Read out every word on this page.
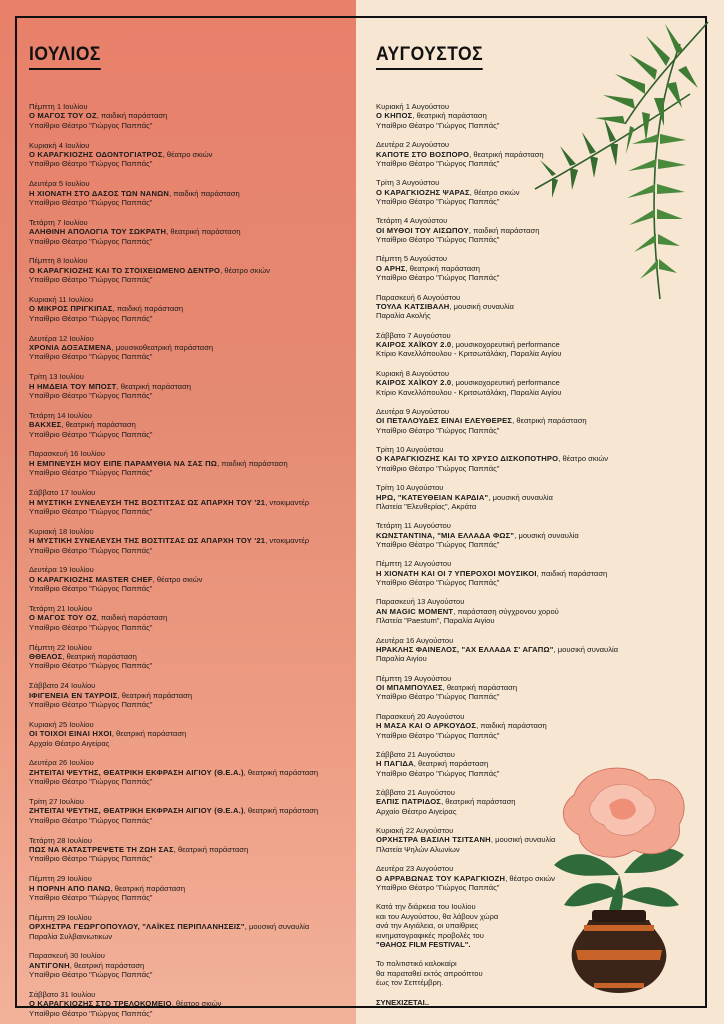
ΙΟΥΛΙΟΣ
Πέμπτη 1 Ιουλίου
Ο ΜΑΓΟΣ ΤΟΥ ΟΖ, παιδική παράσταση
Υπαίθριο Θέατρο "Γιώργος Παππάς"
Κυριακή 4 Ιουλίου
Ο ΚΑΡΑΓΚΙΟΖΗΣ ΟΔΟΝΤΟΓΙΑΤΡΟΣ, θέατρο σκιών
Υπαίθριο Θέατρο "Γιώργος Παππάς"
Δευτέρα 5 Ιουλίου
Η ΧΙΟΝΑΤΗ ΣΤΟ ΔΑΣΟΣ ΤΩΝ ΝΑΝΩΝ, παιδική παράσταση
Υπαίθριο Θέατρο "Γιώργος Παππάς"
Τετάρτη 7 Ιουλίου
ΑΛΗΘΙΝΗ ΑΠΟΛΟΓΙΑ ΤΟΥ ΣΩΚΡΑΤΗ, θεατρική παράσταση
Υπαίθριο Θέατρο "Γιώργος Παππάς"
Πέμπτη 8 Ιουλίου
Ο ΚΑΡΑΓΚΙΟΖΗΣ ΚΑΙ ΤΟ ΣΤΟΙΧΕΙΩΜΕΝΟ ΔΕΝΤΡΟ, θέατρο σκιών
Υπαίθριο Θέατρο "Γιώργος Παππάς"
Κυριακή 11 Ιουλίου
Ο ΜΙΚΡΟΣ ΠΡΙΓΚΙΠΑΣ, παιδική παράσταση
Υπαίθριο Θέατρο "Γιώργος Παππάς"
Δευτέρα 12 Ιουλίου
ΧΡΟΝΙΑ ΔΟΞΑΣΜΕΝΑ, μουσικοθεατρική παράσταση
Υπαίθριο Θέατρο "Γιώργος Παππάς"
Τρίτη 13 Ιουλίου
Η ΗΜΔΕΙΑ ΤΟΥ ΜΠΟΣΤ, θεατρική παράσταση
Υπαίθριο Θέατρο "Γιώργος Παππάς"
Τετάρτη 14 Ιουλίου
ΒΑΚΧΕΣ, θεατρική παράσταση
Υπαίθριο Θέατρο "Γιώργος Παππάς"
Παρασκευή 16 Ιουλίου
Η ΕΜΠΝΕΥΣΗ ΜΟΥ ΕΙΠΕ ΠΑΡΑΜΥΘΙΑ ΝΑ ΣΑΣ ΠΩ, παιδική παράσταση
Υπαίθριο Θέατρο "Γιώργος Παππάς"
Σάββατο 17 Ιουλίου
Η ΜΥΣΤΙΚΗ ΣΥΝΕΛΕΥΣΗ ΤΗΣ ΒΟΣΤΙΤΣΑΣ ΩΣ ΑΠΑΡΧΗ ΤΟΥ '21, ντοκιμαντέρ
Υπαίθριο Θέατρο "Γιώργος Παππάς"
Κυριακή 18 Ιουλίου
Η ΜΥΣΤΙΚΗ ΣΥΝΕΛΕΥΣΗ ΤΗΣ ΒΟΣΤΙΤΣΑΣ ΩΣ ΑΠΑΡΧΗ ΤΟΥ '21, ντοκιμαντέρ
Υπαίθριο Θέατρο "Γιώργος Παππάς"
Δευτέρα 19 Ιουλίου
Ο ΚΑΡΑΓΚΙΟΖΗΣ MASTER CHEF, θέατρο σκιών
Υπαίθριο Θέατρο "Γιώργος Παππάς"
Τετάρτη 21 Ιουλίου
Ο ΜΑΓΟΣ ΤΟΥ ΟΖ, παιδική παράσταση
Υπαίθριο Θέατρο "Γιώργος Παππάς"
Πέμπτη 22 Ιουλίου
ΘΘΕΛΟΣ, θεατρική παράσταση
Υπαίθριο Θέατρο "Γιώργος Παππάς"
Σάββατο 24 Ιουλίου
ΙΦΙΓΕΝΕΙΑ ΕΝ ΤΑΥΡΟΙΣ, θεατρική παράσταση
Υπαίθριο Θέατρο "Γιώργος Παππάς"
Κυριακή 25 Ιουλίου
ΟΙ ΤΟΙΧΟΙ ΕΙΝΑΙ ΗΧΟΙ, θεατρική παράσταση
Αρχαίο Θέατρο Αιγείρας
Δευτέρα 26 Ιουλίου
ΖΗΤΕΙΤΑΙ ΨΕΥΤΗΣ, ΘΕΑΤΡΙΚΗ ΕΚΦΡΑΣΗ ΑΙΓΙΟΥ (Θ.Ε.Α.), θεατρική παράσταση
Υπαίθριο Θέατρο "Γιώργος Παππάς"
Τρίτη 27 Ιουλίου
ΖΗΤΕΙΤΑΙ ΨΕΥΤΗΣ, ΘΕΑΤΡΙΚΗ ΕΚΦΡΑΣΗ ΑΙΓΙΟΥ (Θ.Ε.Α.), θεατρική παράσταση
Υπαίθριο Θέατρο "Γιώργος Παππάς"
Τετάρτη 28 Ιουλίου
ΠΩΣ ΝΑ ΚΑΤΑΣΤΡΕΨΕΤΕ ΤΗ ΖΩΗ ΣΑΣ, θεατρική παράσταση
Υπαίθριο Θέατρο "Γιώργος Παππάς"
Πέμπτη 29 Ιουλίου
Η ΠΟΡΝΗ ΑΠΟ ΠΑΝΩ, θεατρική παράσταση
Υπαίθριο Θέατρο "Γιώργος Παππάς"
Πέμπτη 29 Ιουλίου
ΟΡΧΗΣΤΡΑ ΓΕΩΡΓΟΠΟΥΛΟΥ, "ΛΑΪΚΕΣ ΠΕΡΙΠΛΑΝΗΣΕΙΣ", μουσική συναυλία
Παραλία Συλβαινιωτικων
Παρασκευή 30 Ιουλίου
ΑΝΤΙΓΟΝΗ, θεατρική παράσταση
Υπαίθριο Θέατρο "Γιώργος Παππάς"
Σάββατο 31 Ιουλίου
Ο ΚΑΡΑΓΚΙΟΖΗΣ ΣΤΟ ΤΡΕΛΟΚΟΜΕΙΟ, θέατρο σκιών
Υπαίθριο Θέατρο "Γιώργος Παππάς"
ΑΥΓΟΥΣΤΟΣ
Κυριακή 1 Αυγούστου
Ο ΚΗΠΟΣ, θεατρική παράσταση
Υπαίθριο Θέατρο "Γιώργος Παππάς"
Δευτέρα 2 Αυγούστου
ΚΑΠΟΤΕ ΣΤΟ ΒΟΣΠΟΡΟ, θεατρική παράσταση
Υπαίθριο Θέατρο "Γιώργος Παππάς"
Τρίτη 3 Αυγούστου
Ο ΚΑΡΑΓΚΙΟΖΗΣ ΨΑΡΑΣ, θέατρο σκιών
Υπαίθριο Θέατρο "Γιώργος Παππάς"
Τετάρτη 4 Αυγούστου
ΟΙ ΜΥΘΟΙ ΤΟΥ ΑΙΣΩΠΟΥ, παιδική παράσταση
Υπαίθριο Θέατρο "Γιώργος Παππάς"
Πέμπτη 5 Αυγούστου
Ο ΑΡΗΣ, θεατρική παράσταση
Υπαίθριο Θέατρο "Γιώργος Παππάς"
Παρασκευή 6 Αυγούστου
ΤΟΥΛΑ ΚΑΤΣΙΒΑΛΗ, μουσική συναυλία
Παραλία Ακολής
Σάββατο 7 Αυγούστου
ΚΑΙΡΟΣ ΧΑΪΚΟΥ 2.0, μουσικοχορευτική performance
Κτίριο Κανελλόπουλου - Κριτσωτάλάκη, Παραλία Αιγίου
Κυριακή 8 Αυγούστου
ΚΑΙΡΟΣ ΧΑΪΚΟΥ 2.0, μουσικοχορευτική performance
Κτίριο Κανελλόπουλου - Κριτσωτάλάκη, Παραλία Αιγίου
Δευτέρα 9 Αυγούστου
ΟΙ ΠΕΤΑΛΟΥΔΕΣ ΕΙΝΑΙ ΕΛΕΥΘΕΡΕΣ, θεατρική παράσταση
Υπαίθριο Θέατρο "Γιώργος Παππάς"
Τρίτη 10 Αυγούστου
Ο ΚΑΡΑΓΚΙΟΖΗΣ ΚΑΙ ΤΟ ΧΡΥΣΟ ΔΙΣΚΟΠΟΤΗΡΟ, θέατρο σκιών
Υπαίθριο Θέατρο "Γιώργος Παππάς"
Τρίτη 10 Αυγούστου
ΗΡΩ, "ΚΑΤΕΥΘΕΙΑΝ ΚΑΡΔΙΑ", μουσική συναυλία
Πλατεία "Ελευθερίας", Ακράτα
Τετάρτη 11 Αυγούστου
ΚΩΝΣΤΑΝΤΙΝΑ, "ΜΙΑ ΕΛΛΑΔΑ ΦΩΣ", μουσική συναυλία
Υπαίθριο Θέατρο "Γιώργος Παππάς"
Πέμπτη 12 Αυγούστου
Η ΧΙΟΝΑΤΗ ΚΑΙ ΟΙ 7 ΥΠΕΡΟΧΟΙ ΜΟΥΣΙΚΟΙ, παιδική παράσταση
Υπαίθριο Θέατρο "Γιώργος Παππάς"
Παρασκευή 13 Αυγούστου
AN MAGIC MOMENT, παράσταση σύγχρονου χορού
Πλατεία "Paestum", Παραλία Αιγίου
Δευτέρα 16 Αυγούστου
ΗΡΑΚΛΗΣ ΦΑΙΝΕΛΟΣ, "ΑΧ ΕΛΛΑΔΑ Σ' ΑΓΑΠΩ", μουσική συναυλία
Παραλία Αιγίου
Πέμπτη 19 Αυγούστου
ΟΙ ΜΠΑΜΠΟΥΛΕΣ, θεατρική παράσταση
Υπαίθριο Θέατρο "Γιώργος Παππάς"
Παρασκευή 20 Αυγούστου
Η ΜΑΣΑ ΚΑΙ Ο ΑΡΚΟΥΔΟΣ, παιδική παράσταση
Υπαίθριο Θέατρο "Γιώργος Παππάς"
Σάββατο 21 Αυγούστου
Η ΠΑΓΙΔΑ, θεατρική παράσταση
Υπαίθριο Θέατρο "Γιώργος Παππάς"
Σάββατο 21 Αυγούστου
ΕΛΠΙΣ ΠΑΤΡΙΔΟΣ, θεατρική παράσταση
Αρχαίο Θέατρο Αιγείρας
Κυριακή 22 Αυγούστου
ΟΡΧΗΣΤΡΑ ΒΑΣΙΛΗ ΤΣΙΤΣΑΝΗ, μουσική συναυλία
Πλατεία Ψηλών Αλωνίων
Δευτέρα 23 Αυγούστου
Ο ΑΡΡΑΒΩΝΑΣ ΤΟΥ ΚΑΡΑΓΚΙΟΖΗ, θέατρο σκιών
Υπαίθριο Θέατρο "Γιώργος Παππάς"

Κατά την διάρκεια του Ιουλίου
και του Αυγούστου, θα λάβουν χώρα
ανά την Αιγιάλεια, οι υπαίθριες
κινηματογραφικές προβολές του
"ΘΑΗΟΣ FILM FESTIVAL".

Το πολιτιστικό καλοκαίρι
θα παραταθεί εκτός απροόπτου
έως τον Σεπτέμβρη.

ΣΥΝΕΧΙΖΕΤΑΙ..
